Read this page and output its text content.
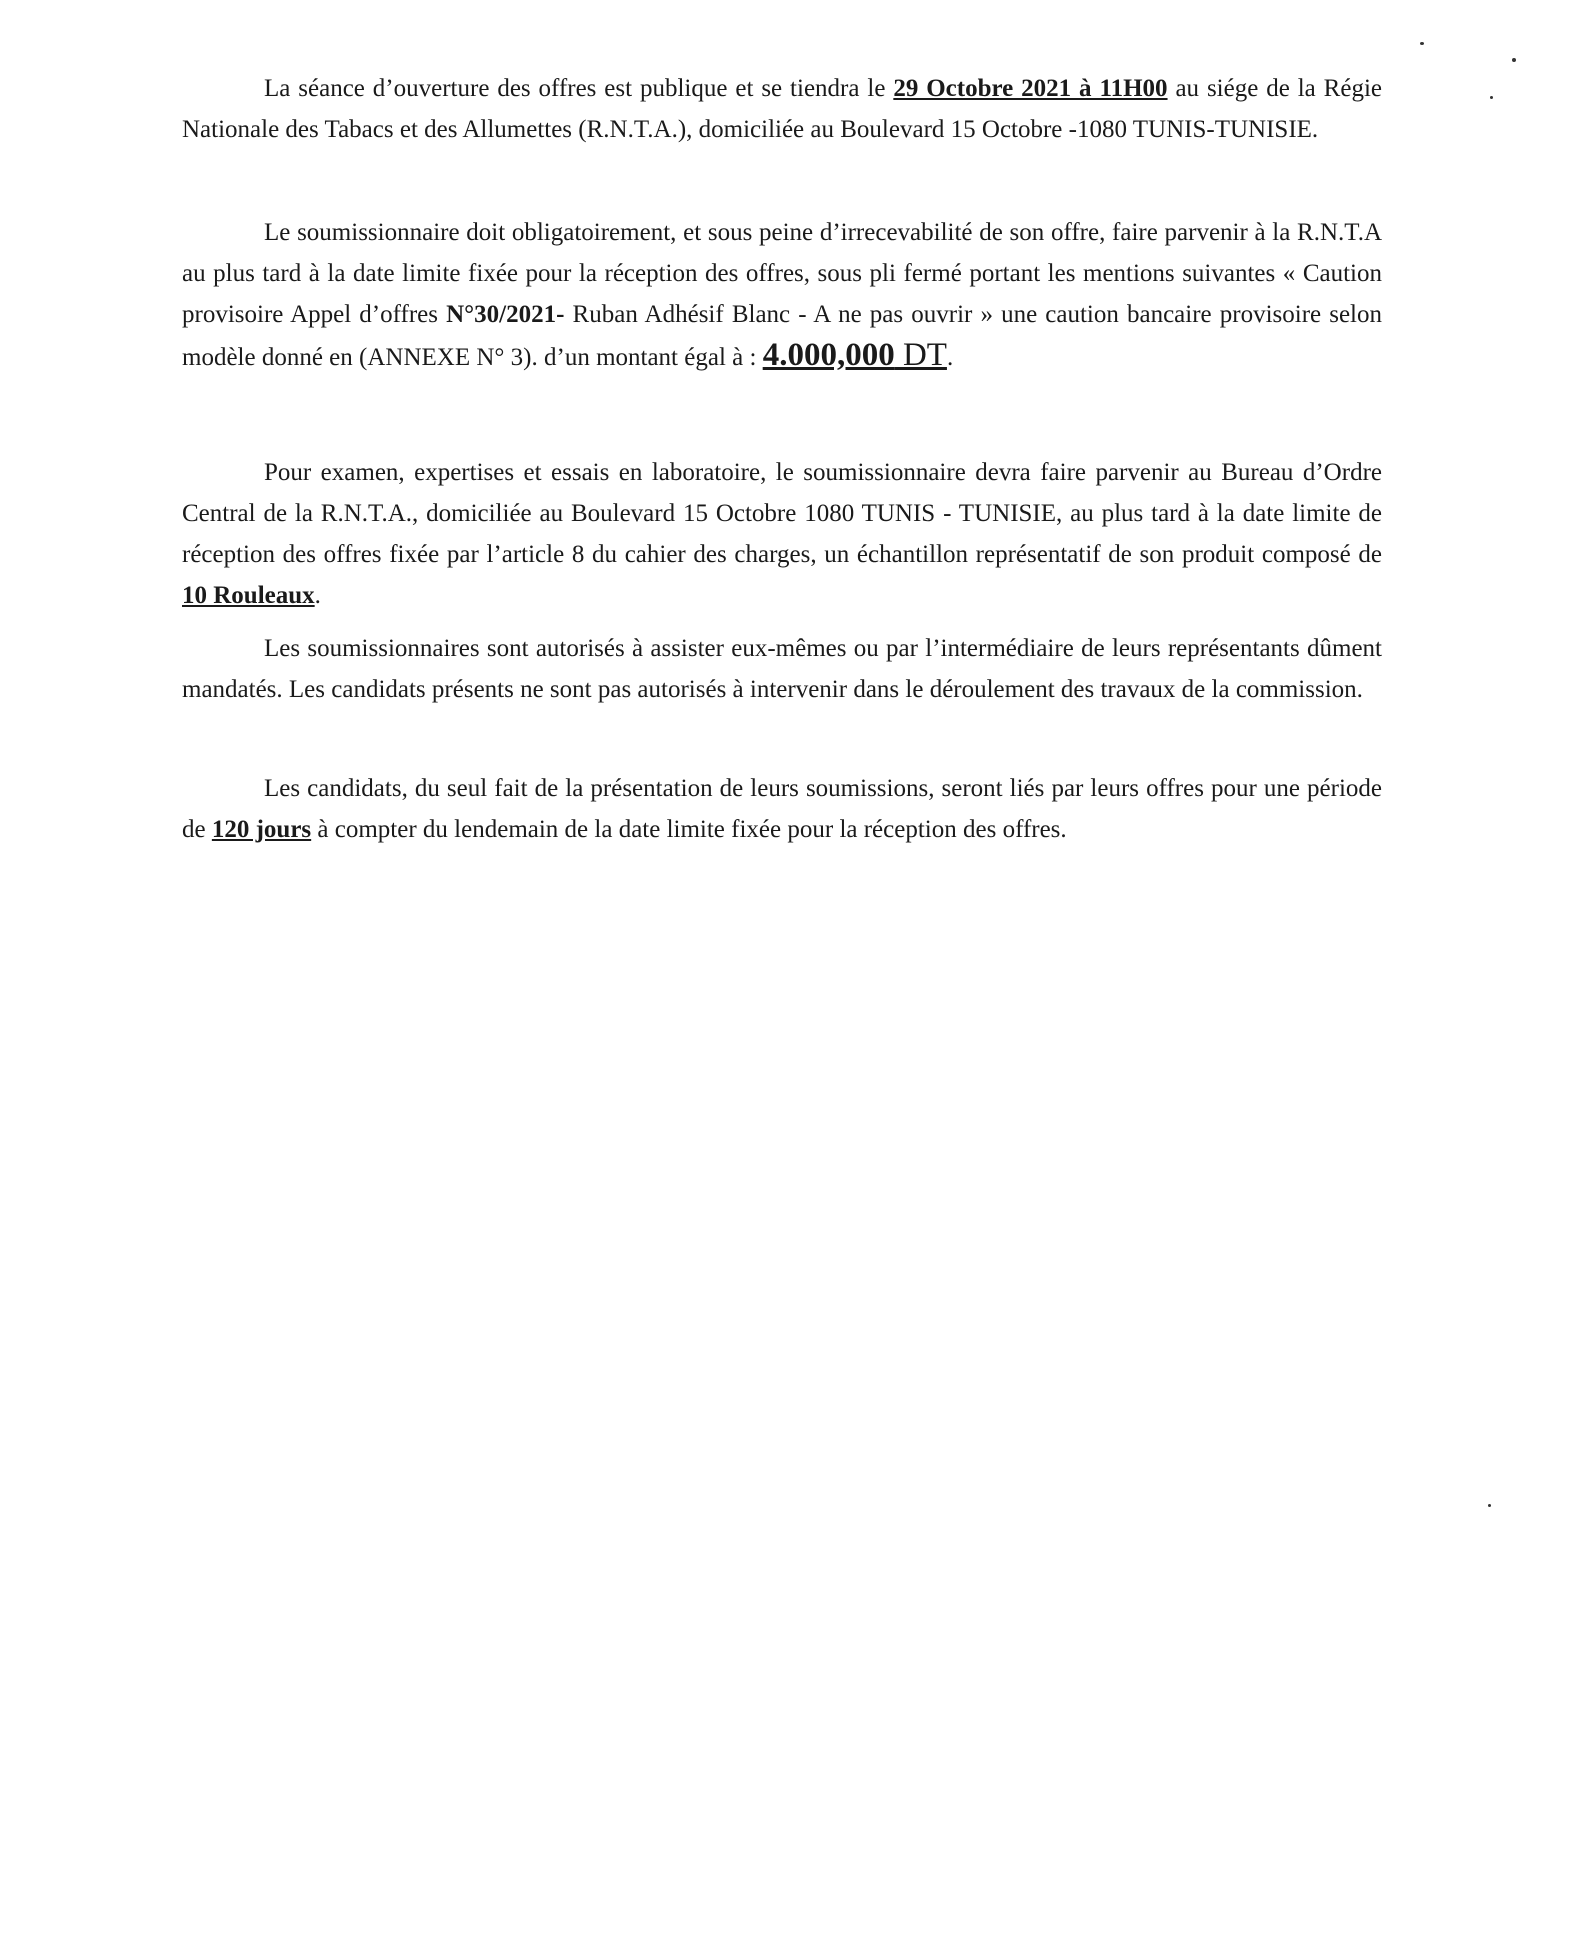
La séance d’ouverture des offres est publique et se tiendra le 29 Octobre 2021 à 11H00 au siége de la Régie Nationale des Tabacs et des Allumettes (R.N.T.A.), domiciliée au Boulevard 15 Octobre -1080 TUNIS-TUNISIE.

Le soumissionnaire doit obligatoirement, et sous peine d’irrecevabilité de son offre, faire parvenir à la R.N.T.A au plus tard à la date limite fixée pour la réception des offres, sous pli fermé portant les mentions suivantes « Caution provisoire Appel d’offres N°30/2021- Ruban Adhésif Blanc - A ne pas ouvrir » une caution bancaire provisoire selon modèle donné en (ANNEXE N° 3). d’un montant égal à : 4.000,000 DT.

Pour examen, expertises et essais en laboratoire, le soumissionnaire devra faire parvenir au Bureau d’Ordre Central de la R.N.T.A., domiciliée au Boulevard 15 Octobre 1080 TUNIS - TUNISIE, au plus tard à la date limite de réception des offres fixée par l’article 8 du cahier des charges, un échantillon représentatif de son produit composé de 10 Rouleaux.

Les soumissionnaires sont autorisés à assister eux-mêmes ou par l’intermédiaire de leurs représentants dûment mandatés. Les candidats présents ne sont pas autorisés à intervenir dans le déroulement des travaux de la commission.

Les candidats, du seul fait de la présentation de leurs soumissions, seront liés par leurs offres pour une période de 120 jours à compter du lendemain de la date limite fixée pour la réception des offres.
